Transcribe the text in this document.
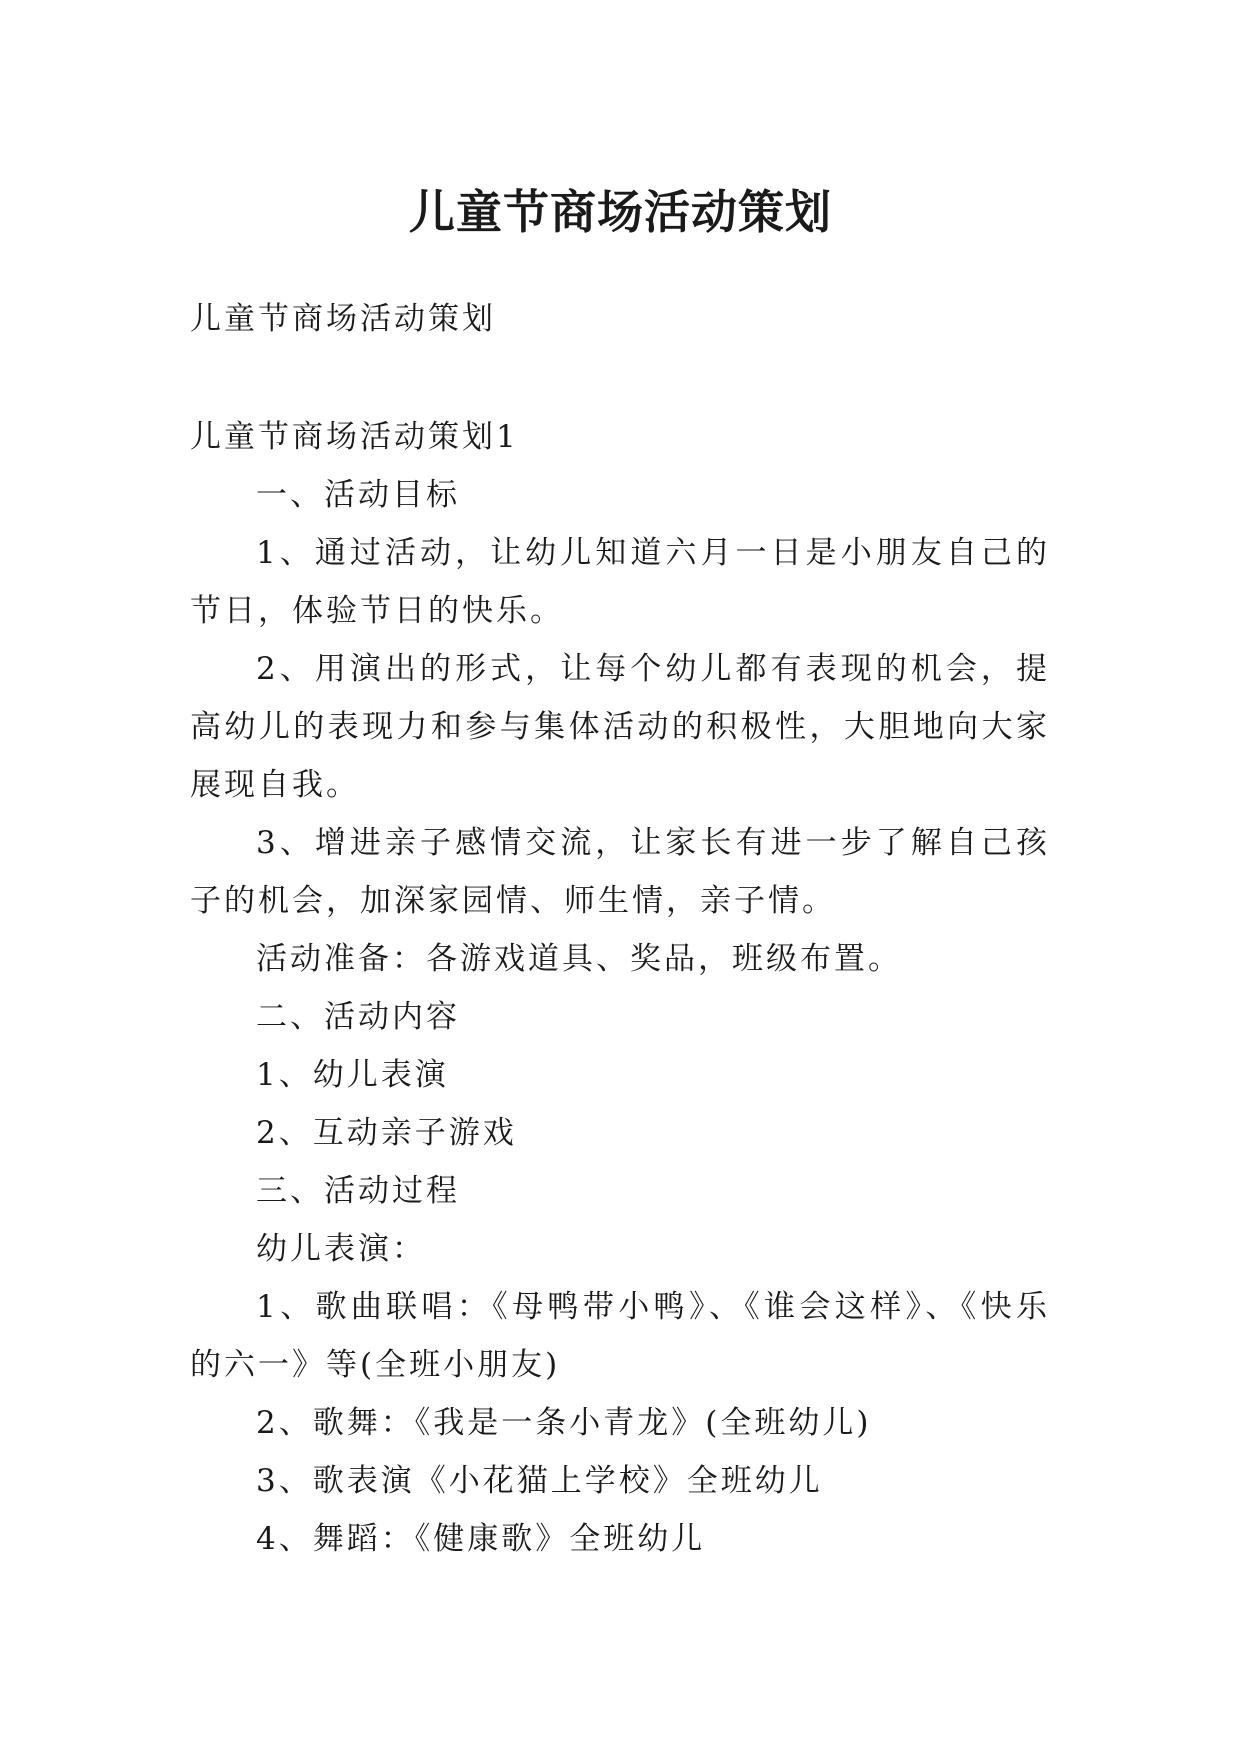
儿童节商场活动策划

儿童节商场活动策划

儿童节商场活动策划1

一、活动目标

1、通过活动，让幼儿知道六月一日是小朋友自己的节日，体验节日的快乐。

2、用演出的形式，让每个幼儿都有表现的机会，提高幼儿的表现力和参与集体活动的积极性，大胆地向大家展现自我。

3、增进亲子感情交流，让家长有进一步了解自己孩子的机会，加深家园情、师生情，亲子情。

活动准备：各游戏道具、奖品，班级布置。

二、活动内容

1、幼儿表演

2、互动亲子游戏

三、活动过程

幼儿表演：

1、歌曲联唱：《母鸭带小鸭》、《谁会这样》、《快乐的六一》等(全班小朋友)

2、歌舞：《我是一条小青龙》(全班幼儿)

3、歌表演《小花猫上学校》全班幼儿

4、舞蹈：《健康歌》全班幼儿
